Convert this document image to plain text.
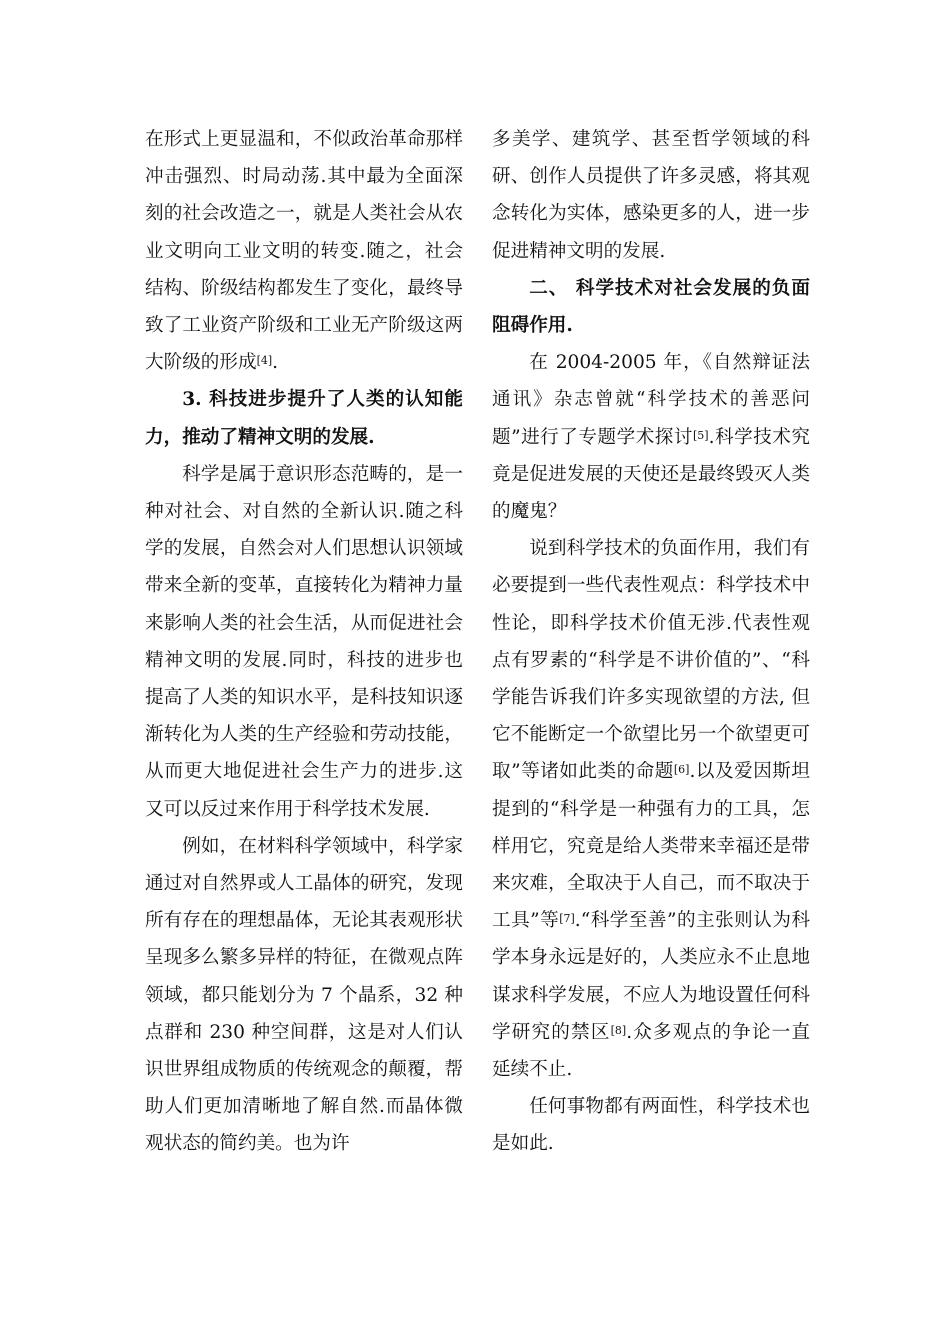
在形式上更显温和，不似政治革命那样冲击强烈、时局动荡.其中最为全面深刻的社会改造之一，就是人类社会从农业文明向工业文明的转变.随之，社会结构、阶级结构都发生了变化，最终导致了工业资产阶级和工业无产阶级这两大阶级的形成[4].

3. 科技进步提升了人类的认知能力，推动了精神文明的发展.

科学是属于意识形态范畴的，是一种对社会、对自然的全新认识.随之科学的发展，自然会对人们思想认识领域带来全新的变革，直接转化为精神力量来影响人类的社会生活，从而促进社会精神文明的发展.同时，科技的进步也提高了人类的知识水平，是科技知识逐渐转化为人类的生产经验和劳动技能，从而更大地促进社会生产力的进步.这又可以反过来作用于科学技术发展.

例如，在材料科学领域中，科学家通过对自然界或人工晶体的研究，发现所有存在的理想晶体，无论其表观形状呈现多么繁多异样的特征，在微观点阵领域，都只能划分为 7 个晶系，32 种点群和 230 种空间群，这是对人们认识世界组成物质的传统观念的颠覆，帮助人们更加清晰地了解自然.而晶体微观状态的简约美。也为许

多美学、建筑学、甚至哲学领域的科研、创作人员提供了许多灵感，将其观念转化为实体，感染更多的人，进一步促进精神文明的发展.

二、 科学技术对社会发展的负面阻碍作用.

在 2004-2005 年，《自然辩证法通讯》杂志曾就“科学技术的善恶问题”进行了专题学术探讨[5].科学技术究竟是促进发展的天使还是最终毁灭人类的魔鬼？

说到科学技术的负面作用，我们有必要提到一些代表性观点：科学技术中性论，即科学技术价值无涉.代表性观点有罗素的“科学是不讲价值的”、“科学能告诉我们许多实现欲望的方法, 但它不能断定一个欲望比另一个欲望更可取”等诸如此类的命题[6].以及爱因斯坦提到的“科学是一种强有力的工具，怎样用它，究竟是给人类带来幸福还是带来灾难，全取决于人自己，而不取决于工具”等[7].“科学至善”的主张则认为科学本身永远是好的，人类应永不止息地谋求科学发展，不应人为地设置任何科学研究的禁区[8].众多观点的争论一直延续不止.

任何事物都有两面性，科学技术也是如此.
